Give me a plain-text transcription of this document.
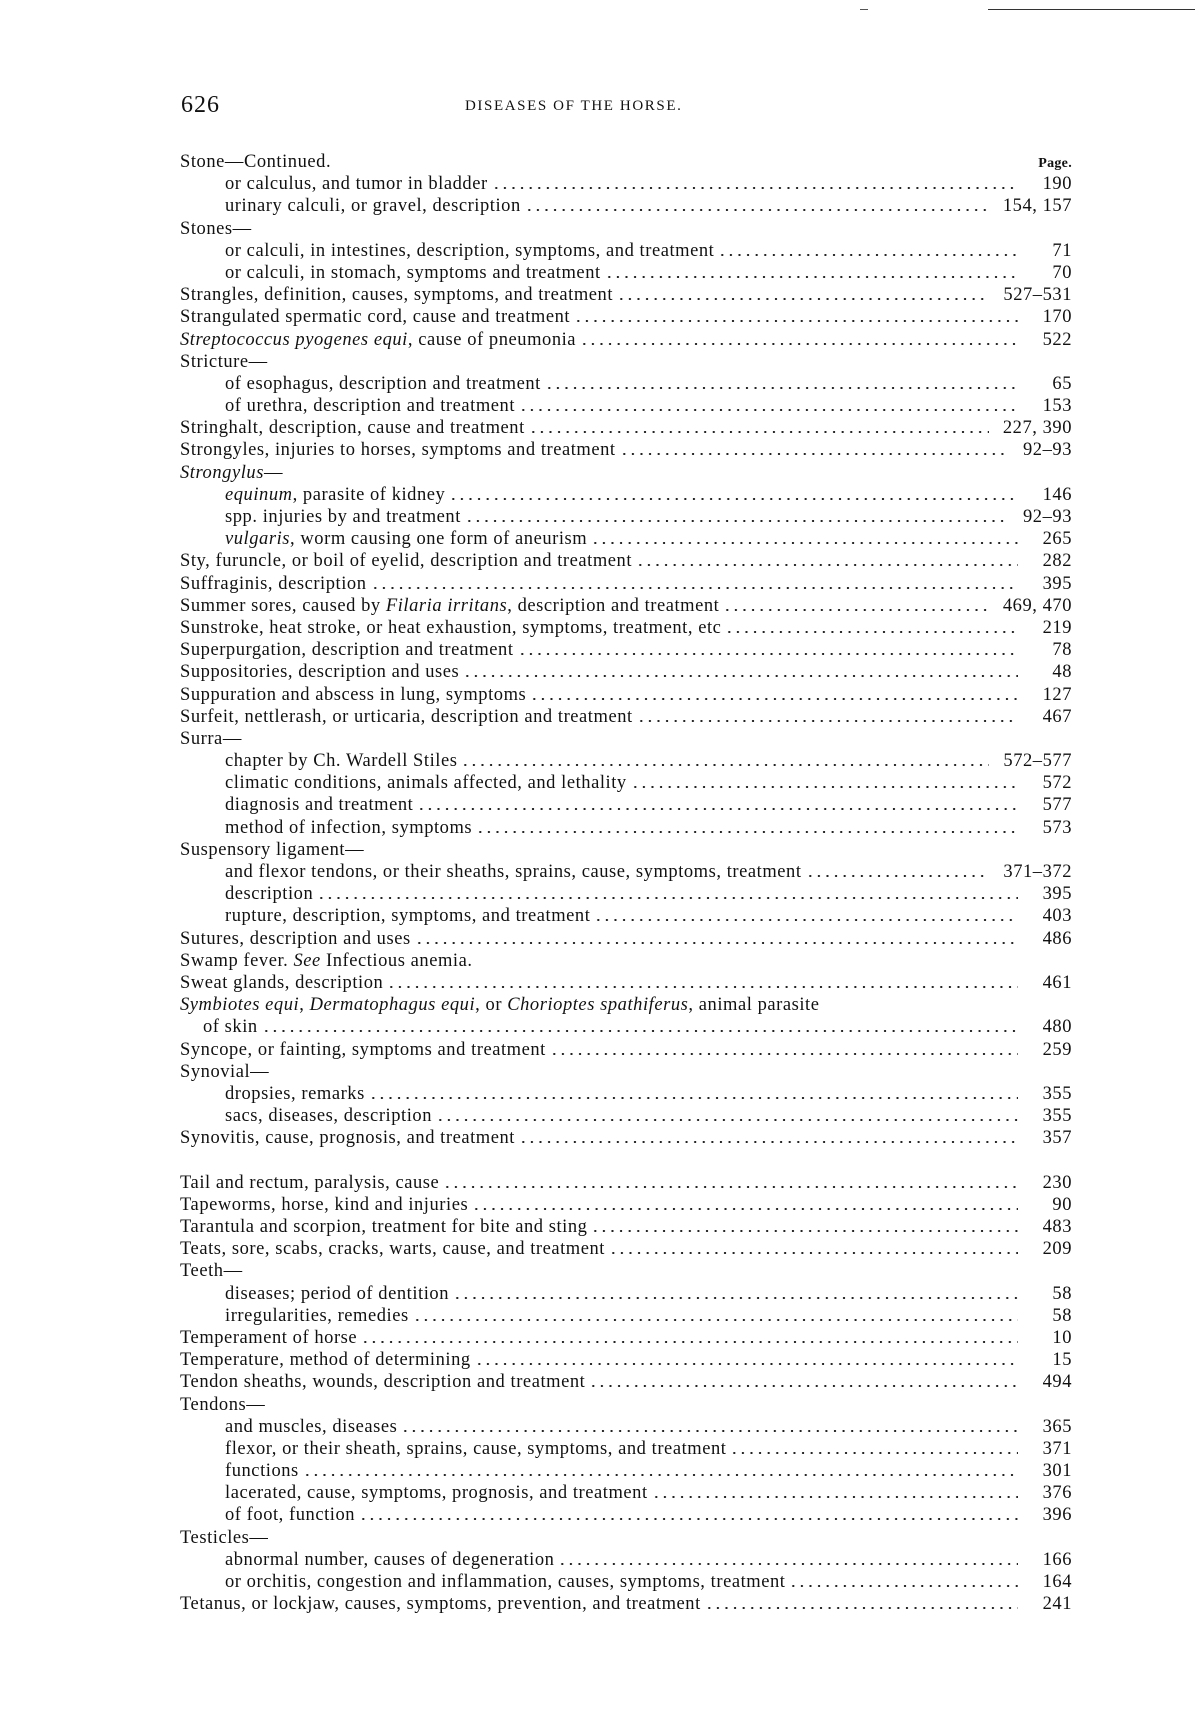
626	DISEASES OF THE HORSE.
Stone—Continued.	Page.
or calculus, and tumor in bladder	190
urinary calculi, or gravel, description	154, 157
Stones—
or calculi, in intestines, description, symptoms, and treatment	71
or calculi, in stomach, symptoms and treatment	70
Strangles, definition, causes, symptoms, and treatment	527–531
Strangulated spermatic cord, cause and treatment	170
Streptococcus pyogenes equi, cause of pneumonia	522
Stricture—
of esophagus, description and treatment	65
of urethra, description and treatment	153
Stringhalt, description, cause and treatment	227, 390
Strongyles, injuries to horses, symptoms and treatment	92–93
Strongylus—
equinum, parasite of kidney	146
spp. injuries by and treatment	92–93
vulgaris, worm causing one form of aneurism	265
Sty, furuncle, or boil of eyelid, description and treatment	282
Suffraginis, description	395
Summer sores, caused by Filaria irritans, description and treatment	469, 470
Sunstroke, heat stroke, or heat exhaustion, symptoms, treatment, etc	219
Superpurgation, description and treatment	78
Suppositories, description and uses	48
Suppuration and abscess in lung, symptoms	127
Surfeit, nettlerash, or urticaria, description and treatment	467
Surra—
chapter by Ch. Wardell Stiles	572–577
climatic conditions, animals affected, and lethality	572
diagnosis and treatment	577
method of infection, symptoms	573
Suspensory ligament—
and flexor tendons, or their sheaths, sprains, cause, symptoms, treatment	371–372
description	395
rupture, description, symptoms, and treatment	403
Sutures, description and uses	486
Swamp fever. See Infectious anemia.
Sweat glands, description	461
Symbiotes equi, Dermatophagus equi, or Chorioptes spathiferus, animal parasite
of skin	480
Syncope, or fainting, symptoms and treatment	259
Synovial—
dropsies, remarks	355
sacs, diseases, description	355
Synovitis, cause, prognosis, and treatment	357
Tail and rectum, paralysis, cause	230
Tapeworms, horse, kind and injuries	90
Tarantula and scorpion, treatment for bite and sting	483
Teats, sore, scabs, cracks, warts, cause, and treatment	209
Teeth—
diseases; period of dentition	58
irregularities, remedies	58
Temperament of horse	10
Temperature, method of determining	15
Tendon sheaths, wounds, description and treatment	494
Tendons—
and muscles, diseases	365
flexor, or their sheath, sprains, cause, symptoms, and treatment	371
functions	301
lacerated, cause, symptoms, prognosis, and treatment	376
of foot, function	396
Testicles—
abnormal number, causes of degeneration	166
or orchitis, congestion and inflammation, causes, symptoms, treatment	164
Tetanus, or lockjaw, causes, symptoms, prevention, and treatment	241
